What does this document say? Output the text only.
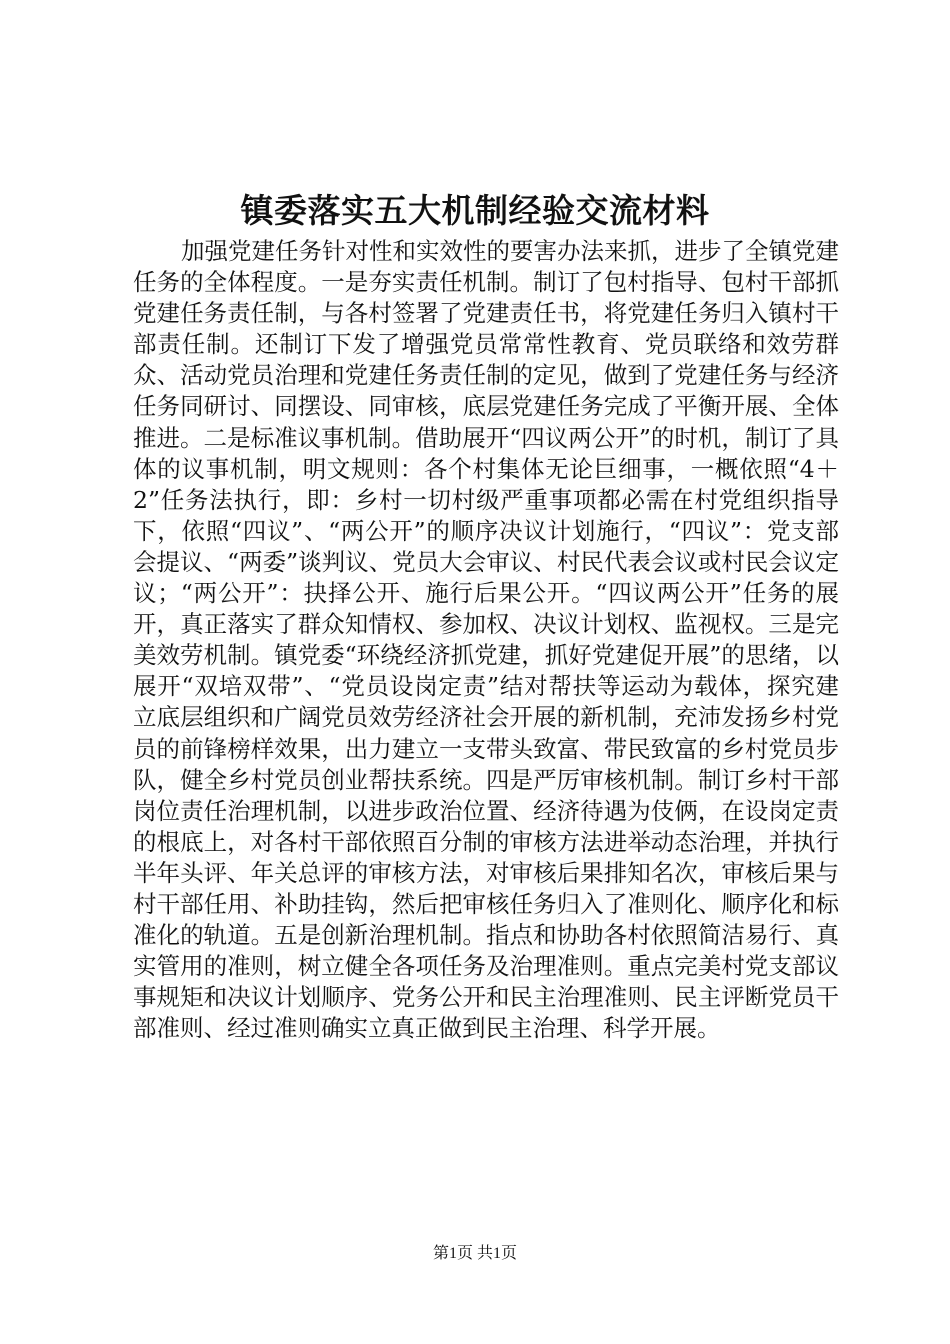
镇委落实五大机制经验交流材料

加强党建任务针对性和实效性的要害办法来抓，进步了全镇党建任务的全体程度。一是夯实责任机制。制订了包村指导、包村干部抓党建任务责任制，与各村签署了党建责任书，将党建任务归入镇村干部责任制。还制订下发了增强党员常常性教育、党员联络和效劳群众、活动党员治理和党建任务责任制的定见，做到了党建任务与经济任务同研讨、同摆设、同审核，底层党建任务完成了平衡开展、全体推进。二是标准议事机制。借助展开“四议两公开”的时机，制订了具体的议事机制，明文规则：各个村集体无论巨细事，一概依照“4＋2”任务法执行，即：乡村一切村级严重事项都必需在村党组织指导下，依照“四议”、“两公开”的顺序决议计划施行，“四议”：党支部会提议、“两委”谈判议、党员大会审议、村民代表会议或村民会议定议；“两公开”：抉择公开、施行后果公开。“四议两公开”任务的展开，真正落实了群众知情权、参加权、决议计划权、监视权。三是完美效劳机制。镇党委“环绕经济抓党建，抓好党建促开展”的思绪，以展开“双培双带”、“党员设岗定责”结对帮扶等运动为载体，探究建立底层组织和广阔党员效劳经济社会开展的新机制，充沛发扬乡村党员的前锋榜样效果，出力建立一支带头致富、带民致富的乡村党员步队，健全乡村党员创业帮扶系统。四是严厉审核机制。制订乡村干部岗位责任治理机制，以进步政治位置、经济待遇为伎俩，在设岗定责的根底上，对各村干部依照百分制的审核方法进举动态治理，并执行半年头评、年关总评的审核方法，对审核后果排知名次，审核后果与村干部任用、补助挂钩，然后把审核任务归入了准则化、顺序化和标准化的轨道。五是创新治理机制。指点和协助各村依照简洁易行、真实管用的准则，树立健全各项任务及治理准则。重点完美村党支部议事规矩和决议计划顺序、党务公开和民主治理准则、民主评断党员干部准则、经过准则确实立真正做到民主治理、科学开展。

第1页 共1页
